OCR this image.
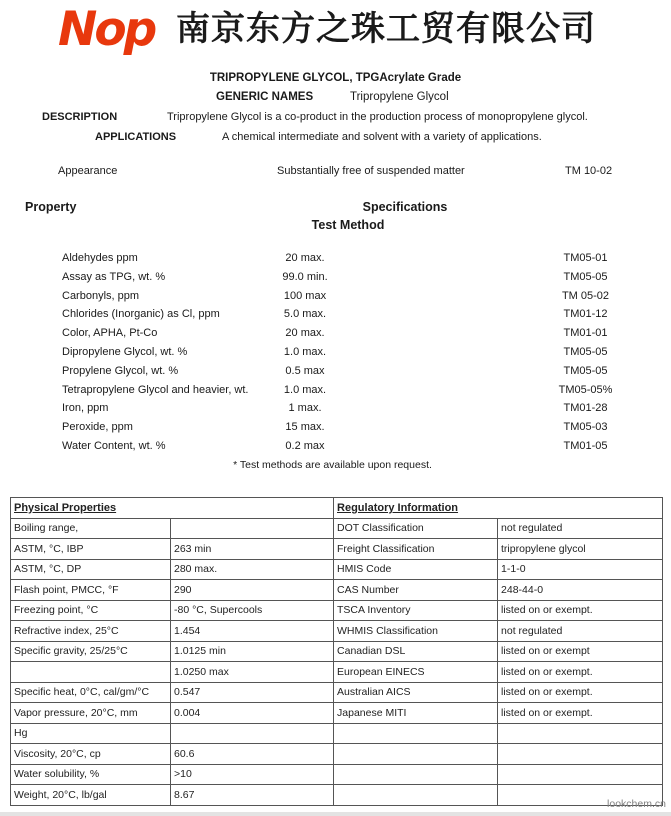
Nop 南京东方之珠工贸有限公司
TRIPROPYLENE GLYCOL, TPGAcrylate Grade
GENERIC NAMES	Tripropylene Glycol
DESCRIPTION	Tripropylene Glycol is a co-product in the production process of monopropylene glycol.
APPLICATIONS	A chemical intermediate and solvent with a variety of applications.
Appearance	Substantially free of suspended matter	TM 10-02
Property	Specifications
Test Method
Aldehydes ppm	20 max.	TM05-01
Assay as TPG, wt. %	99.0 min.	TM05-05
Carbonyls, ppm	100 max	TM 05-02
Chlorides (Inorganic) as Cl, ppm	5.0 max.	TM01-12
Color, APHA, Pt-Co	20 max.	TM01-01
Dipropylene Glycol, wt. %	1.0 max.	TM05-05
Propylene Glycol, wt. %	0.5 max	TM05-05
Tetrapropylene Glycol and heavier, wt.	1.0 max.	TM05-05%
Iron, ppm	1 max.	TM01-28
Peroxide, ppm	15 max.	TM05-03
Water Content, wt. %	0.2 max	TM01-05
* Test methods are available upon request.
Physical Properties		Regulatory Information	
Boiling range,		DOT Classification	not regulated
ASTM, °C, IBP	263 min	Freight Classification	tripropylene glycol
ASTM, °C, DP	280 max.	HMIS Code	1-1-0
Flash point, PMCC, °F	290	CAS Number	248-44-0
Freezing point, °C	-80 °C, Supercools	TSCA Inventory	listed on or exempt.
Refractive index, 25°C	1.454	WHMIS Classification	not regulated
Specific gravity, 25/25°C	1.0125 min	Canadian DSL	listed on or exempt
	1.0250 max	European EINECS	listed on or exempt.
Specific heat, 0°C, cal/gm/°C	0.547	Australian AICS	listed on or exempt.
Vapor pressure, 20°C, mm	0.004	Japanese MITI	listed on or exempt.
Hg			
Viscosity, 20°C, cp	60.6		
Water solubility, %	>10		
Weight, 20°C, lb/gal	8.67		
lookchem.cn
